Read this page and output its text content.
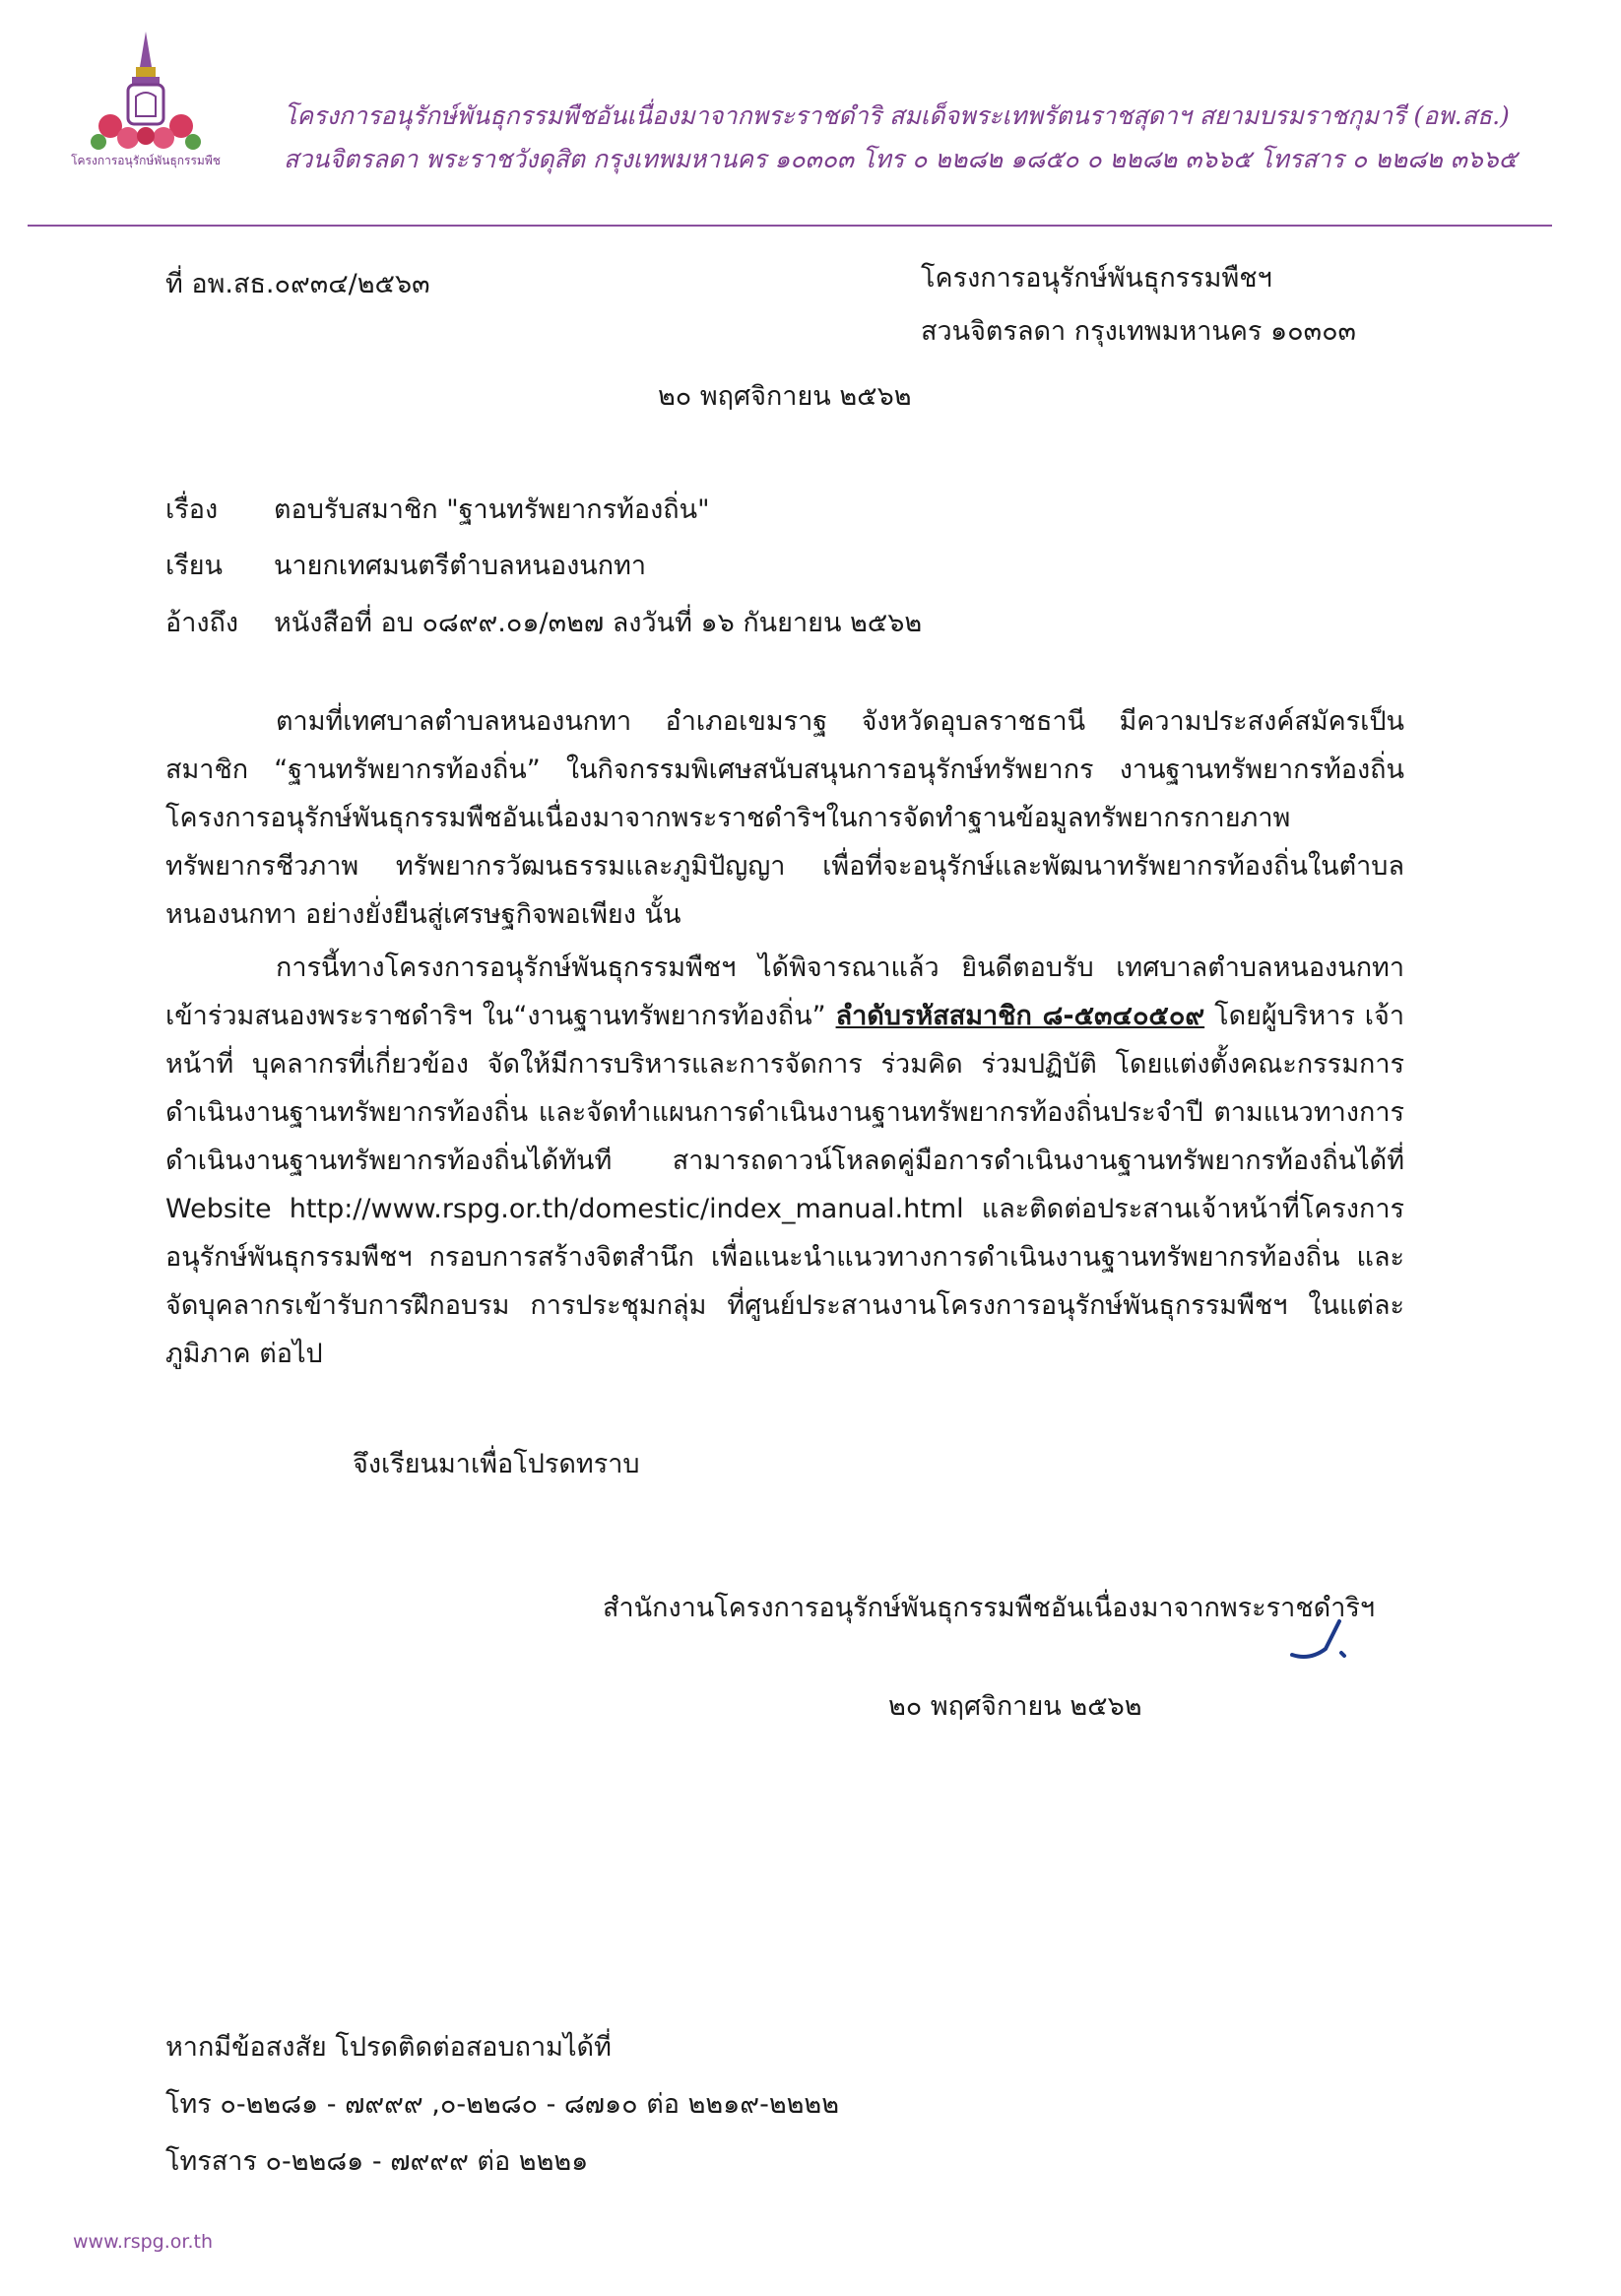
โครงการอนุรักษ์พันธุกรรมพืช
โครงการอนุรักษ์พันธุกรรมพืชอันเนื่องมาจากพระราชดำริ สมเด็จพระเทพรัตนราชสุดาฯ สยามบรมราชกุมารี (อพ.สธ.)
สวนจิตรลดา พระราชวังดุสิต กรุงเทพมหานคร ๑๐๓๐๓ โทร ๐ ๒๒๘๒ ๑๘๕๐ ๐ ๒๒๘๒ ๓๖๖๕ โทรสาร ๐ ๒๒๘๒ ๓๖๖๕
ที่ อพ.สธ.๐๙๓๔/๒๕๖๓	โครงการอนุรักษ์พันธุกรรมพืชฯ
สวนจิตรลดา กรุงเทพมหานคร ๑๐๓๐๓
๒๐ พฤศจิกายน ๒๕๖๒
เรื่อง ตอบรับสมาชิก "ฐานทรัพยากรท้องถิ่น"
เรียน นายกเทศมนตรีตำบลหนองนกทา
อ้างถึง หนังสือที่ อบ ๐๘๙๙.๐๑/๓๒๗ ลงวันที่ ๑๖ กันยายน ๒๕๖๒
ตามที่เทศบาลตำบลหนองนกทา อำเภอเขมราฐ จังหวัดอุบลราชธานี มีความประสงค์สมัครเป็นสมาชิก “ฐานทรัพยากรท้องถิ่น” ในกิจกรรมพิเศษสนับสนุนการอนุรักษ์ทรัพยากร งานฐานทรัพยากรท้องถิ่น โครงการอนุรักษ์พันธุกรรมพืชอันเนื่องมาจากพระราชดำริฯในการจัดทำฐานข้อมูลทรัพยากรกายภาพ ทรัพยากรชีวภาพ ทรัพยากรวัฒนธรรมและภูมิปัญญา เพื่อที่จะอนุรักษ์และพัฒนาทรัพยากรท้องถิ่นในตำบลหนองนกทา อย่างยั่งยืนสู่เศรษฐกิจพอเพียง นั้น
การนี้ทางโครงการอนุรักษ์พันธุกรรมพืชฯ ได้พิจารณาแล้ว ยินดีตอบรับ เทศบาลตำบลหนองนกทา เข้าร่วมสนองพระราชดำริฯ ใน“งานฐานทรัพยากรท้องถิ่น” ลำดับรหัสสมาชิก ๘-๕๓๔๐๕๐๙ โดยผู้บริหาร เจ้าหน้าที่ บุคลากรที่เกี่ยวข้อง จัดให้มีการบริหารและการจัดการ ร่วมคิด ร่วมปฏิบัติ โดยแต่งตั้งคณะกรรมการดำเนินงานฐานทรัพยากรท้องถิ่น และจัดทำแผนการดำเนินงานฐานทรัพยากรท้องถิ่นประจำปี ตามแนวทางการดำเนินงานฐานทรัพยากรท้องถิ่นได้ทันที สามารถดาวน์โหลดคู่มือการดำเนินงานฐานทรัพยากรท้องถิ่นได้ที่ Website http://www.rspg.or.th/domestic/index_manual.html และติดต่อประสานเจ้าหน้าที่โครงการอนุรักษ์พันธุกรรมพืชฯ กรอบการสร้างจิตสำนึก เพื่อแนะนำแนวทางการดำเนินงานฐานทรัพยากรท้องถิ่น และจัดบุคลากรเข้ารับการฝึกอบรม การประชุมกลุ่ม ที่ศูนย์ประสานงานโครงการอนุรักษ์พันธุกรรมพืชฯ ในแต่ละภูมิภาค ต่อไป
จึงเรียนมาเพื่อโปรดทราบ
สำนักงานโครงการอนุรักษ์พันธุกรรมพืชอันเนื่องมาจากพระราชดำริฯ
๒๐ พฤศจิกายน ๒๕๖๒
หากมีข้อสงสัย โปรดติดต่อสอบถามได้ที่
โทร ๐-๒๒๘๑ - ๗๙๙๙ ,๐-๒๒๘๐ - ๘๗๑๐ ต่อ ๒๒๑๙-๒๒๒๒
โทรสาร ๐-๒๒๘๑ - ๗๙๙๙ ต่อ ๒๒๒๑
www.rspg.or.th
